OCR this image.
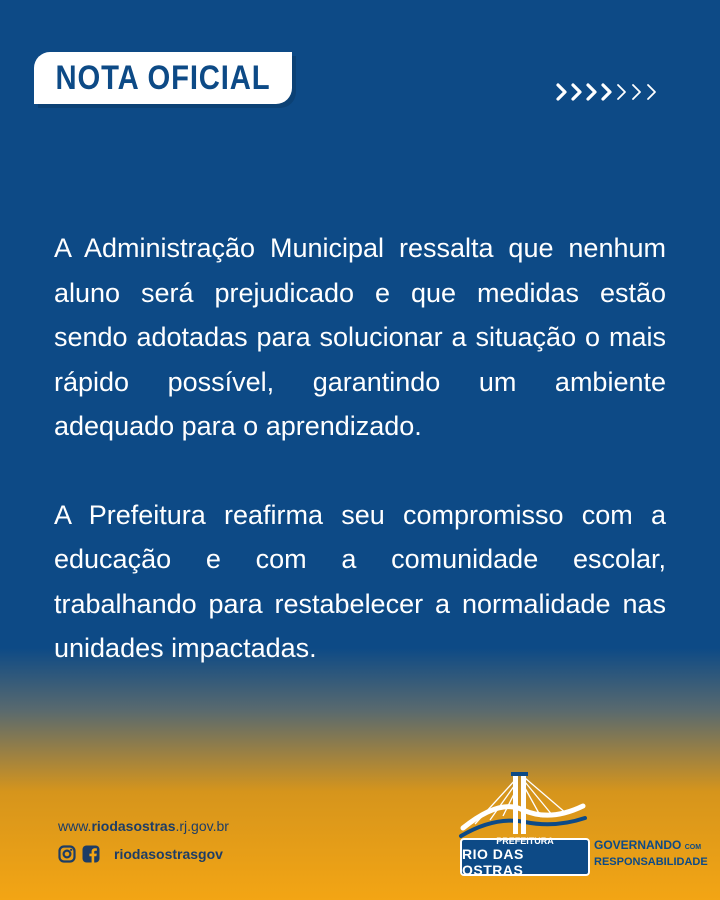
NOTA OFICIAL

A Administração Municipal ressalta que nenhum aluno será prejudicado e que medidas estão sendo adotadas para solucionar a situação o mais rápido possível, garantindo um ambiente adequado para o aprendizado.

A Prefeitura reafirma seu compromisso com a educação e com a comunidade escolar, trabalhando para restabelecer a normalidade nas unidades impactadas.

www.riodasostras.rj.gov.br
riodasostrasgov
PREFEITURA
RIO DAS OSTRAS
GOVERNANDO COM
RESPONSABILIDADE
